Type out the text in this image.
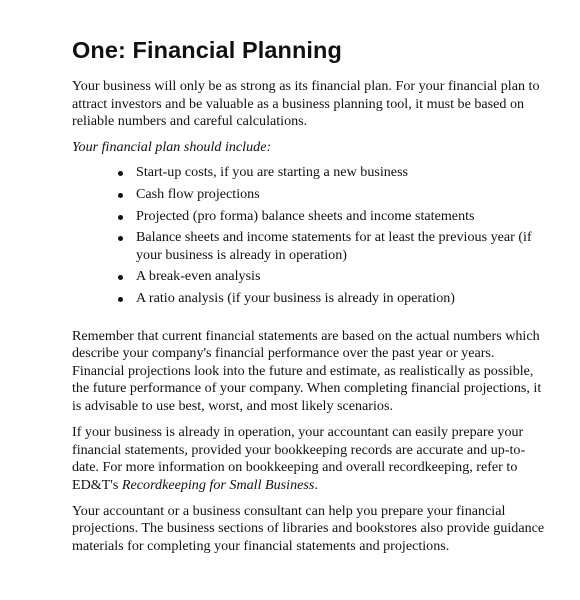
One: Financial Planning

Your business will only be as strong as its financial plan. For your financial plan to attract investors and be valuable as a business planning tool, it must be based on reliable numbers and careful calculations.

Your financial plan should include:

Start-up costs, if you are starting a new business
Cash flow projections
Projected (pro forma) balance sheets and income statements
Balance sheets and income statements for at least the previous year (if your business is already in operation)
A break-even analysis
A ratio analysis (if your business is already in operation)

Remember that current financial statements are based on the actual numbers which describe your company's financial performance over the past year or years. Financial projections look into the future and estimate, as realistically as possible, the future performance of your company. When completing financial projections, it is advisable to use best, worst, and most likely scenarios.

If your business is already in operation, your accountant can easily prepare your financial statements, provided your bookkeeping records are accurate and up-to-date. For more information on bookkeeping and overall recordkeeping, refer to ED&T's Recordkeeping for Small Business.

Your accountant or a business consultant can help you prepare your financial projections. The business sections of libraries and bookstores also provide guidance materials for completing your financial statements and projections.
